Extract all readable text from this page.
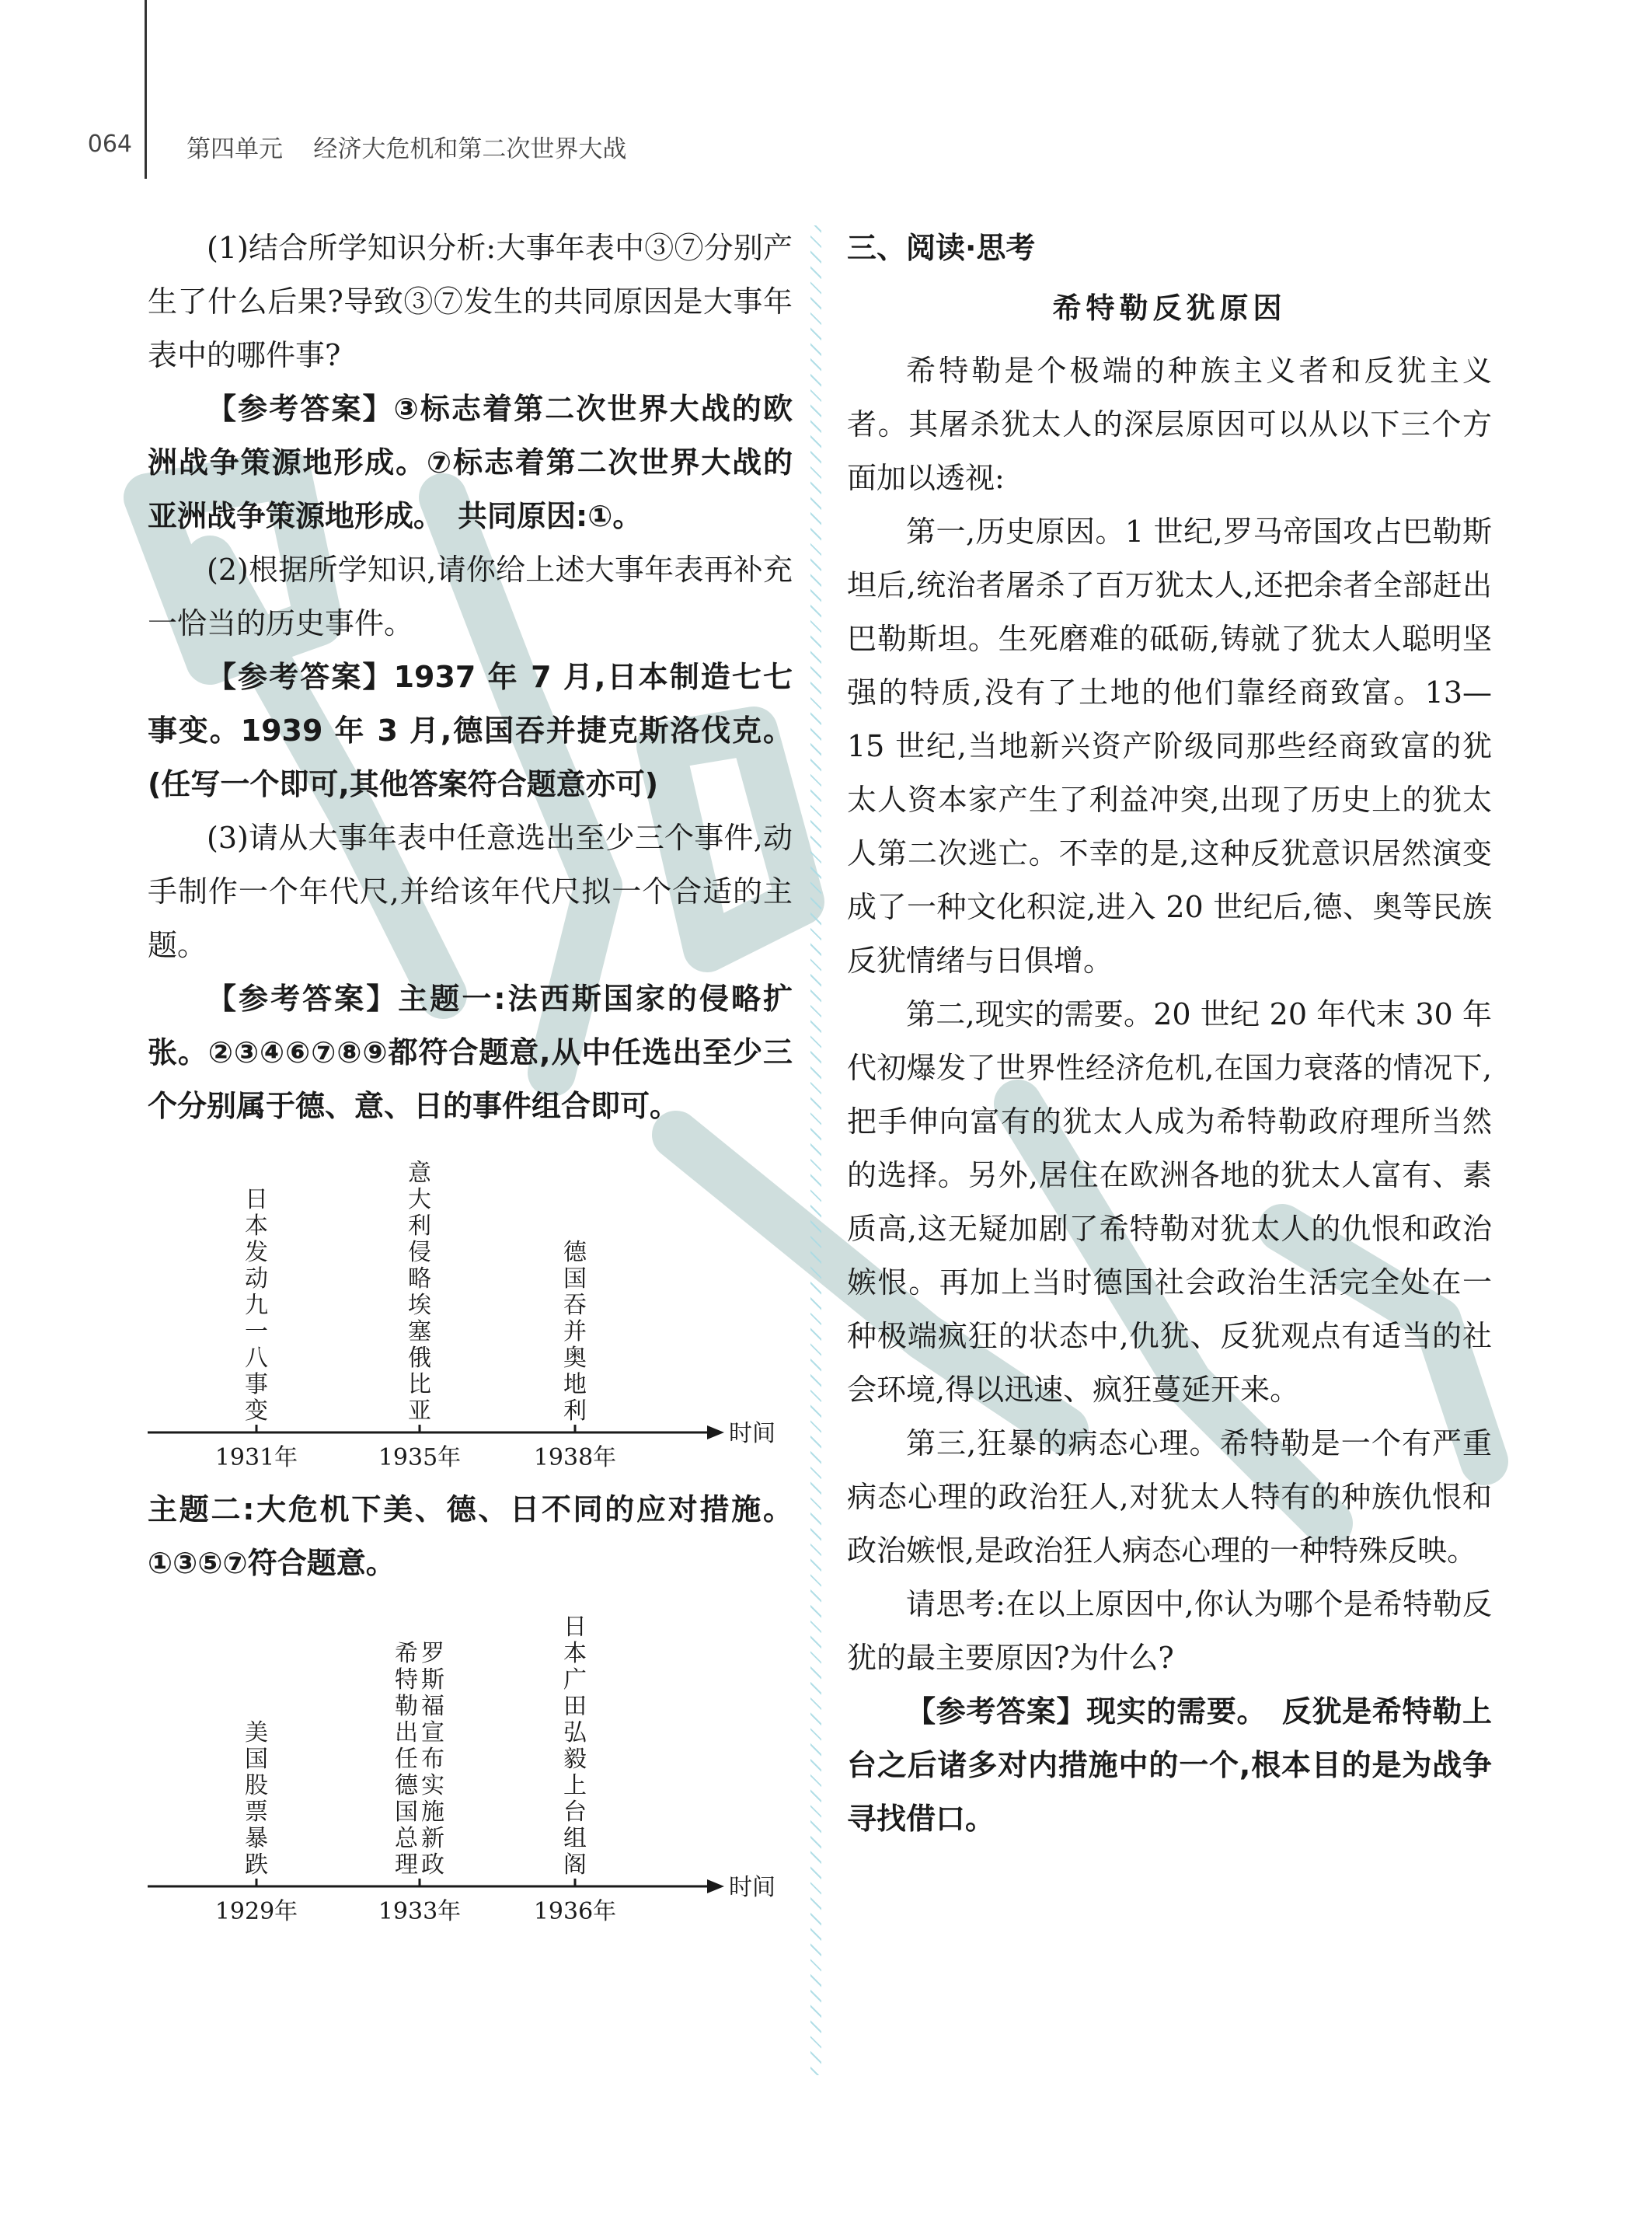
064 第四单元    经济大危机和第二次世界大战

(1)结合所学知识分析:大事年表中③⑦分别产生了什么后果?导致③⑦发生的共同原因是大事年表中的哪件事?

【参考答案】③标志着第二次世界大战的欧洲战争策源地形成。⑦标志着第二次世界大战的亚洲战争策源地形成。　共同原因:①。

(2)根据所学知识,请你给上述大事年表再补充一恰当的历史事件。

【参考答案】1937 年 7 月,日本制造七七事变。1939 年 3 月,德国吞并捷克斯洛伐克。(任写一个即可,其他答案符合题意亦可)

(3)请从大事年表中任意选出至少三个事件,动手制作一个年代尺,并给该年代尺拟一个合适的主题。

【参考答案】主题一:法西斯国家的侵略扩张。②③④⑥⑦⑧⑨都符合题意,从中任选出至少三个分别属于德、意、日的事件组合即可。

时间
1931年
日
本
发
动
九
一
八
事
变
1935年
意
大
利
侵
略
埃
塞
俄
比
亚
1938年
德
国
吞
并
奥
地
利

主题二:大危机下美、德、日不同的应对措施。①③⑤⑦符合题意。

时间
1929年
美
国
股
票
暴
跌
1933年
罗
斯
福
宣
布
实
施
新
政
希
特
勒
出
任
德
国
总
理
1936年
日
本
广
田
弘
毅
上
台
组
阁

三、阅读·思考

希特勒反犹原因

希特勒是个极端的种族主义者和反犹主义者。其屠杀犹太人的深层原因可以从以下三个方面加以透视:

第一,历史原因。1 世纪,罗马帝国攻占巴勒斯坦后,统治者屠杀了百万犹太人,还把余者全部赶出巴勒斯坦。生死磨难的砥砺,铸就了犹太人聪明坚强的特质,没有了土地的他们靠经商致富。13—15 世纪,当地新兴资产阶级同那些经商致富的犹太人资本家产生了利益冲突,出现了历史上的犹太人第二次逃亡。不幸的是,这种反犹意识居然演变成了一种文化积淀,进入 20 世纪后,德、奥等民族反犹情绪与日俱增。

第二,现实的需要。20 世纪 20 年代末 30 年代初爆发了世界性经济危机,在国力衰落的情况下,把手伸向富有的犹太人成为希特勒政府理所当然的选择。另外,居住在欧洲各地的犹太人富有、素质高,这无疑加剧了希特勒对犹太人的仇恨和政治嫉恨。再加上当时德国社会政治生活完全处在一种极端疯狂的状态中,仇犹、反犹观点有适当的社会环境,得以迅速、疯狂蔓延开来。

第三,狂暴的病态心理。希特勒是一个有严重病态心理的政治狂人,对犹太人特有的种族仇恨和政治嫉恨,是政治狂人病态心理的一种特殊反映。

请思考:在以上原因中,你认为哪个是希特勒反犹的最主要原因?为什么?

【参考答案】现实的需要。　反犹是希特勒上台之后诸多对内措施中的一个,根本目的是为战争寻找借口。
